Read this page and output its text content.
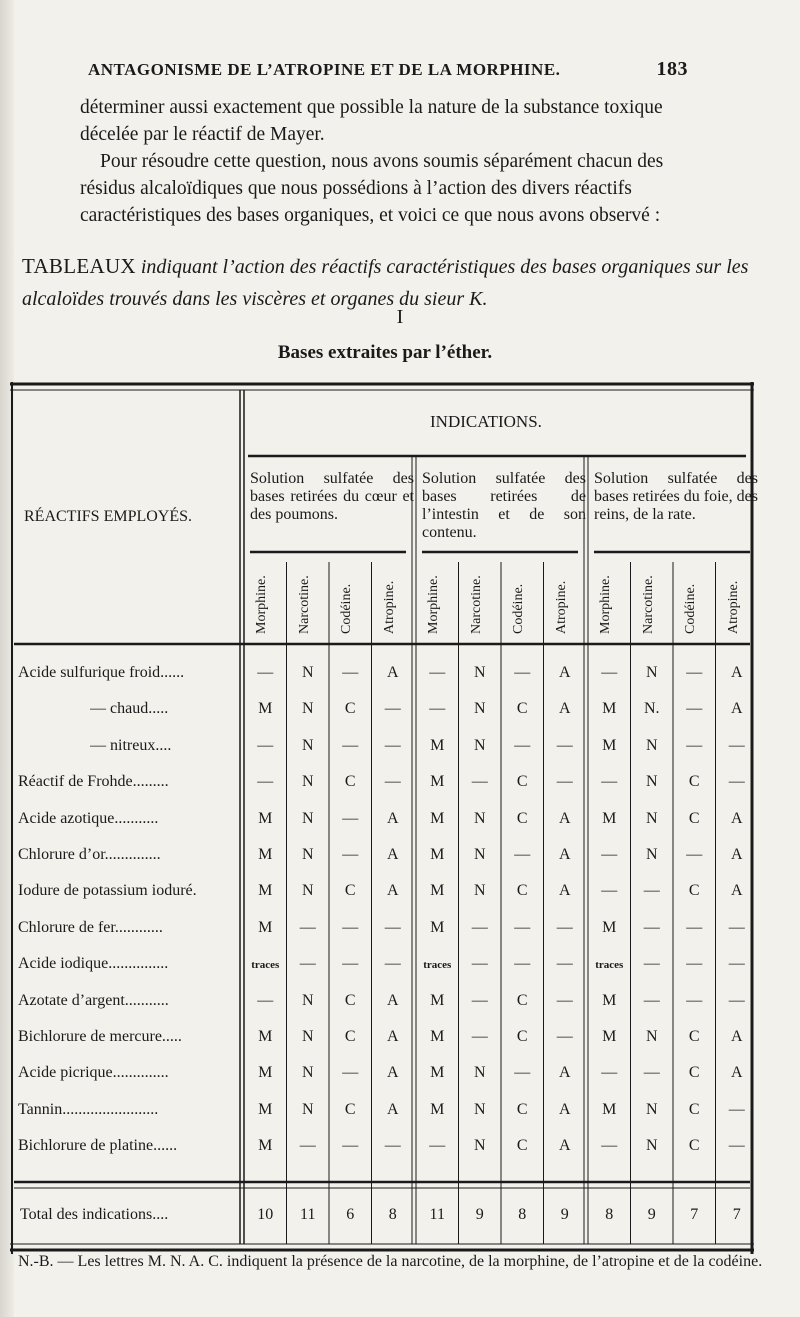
ANTAGONISME DE L’ATROPINE ET DE LA MORPHINE.	183
déterminer aussi exactement que possible la nature de la substance toxique décelée par le réactif de Mayer.
Pour résoudre cette question, nous avons soumis séparément chacun des résidus alcaloïdiques que nous possédions à l’action des divers réactifs caractéristiques des bases organiques, et voici ce que nous avons observé :
TABLEAUX indiquant l’action des réactifs caractéristiques des bases organiques sur les alcaloïdes trouvés dans les viscères et organes du sieur K.
I
Bases extraites par l’éther.
INDICATIONS.
RÉACTIFS EMPLOYÉS.
Solution sulfatée des bases retirées du cœur et des poumons.
Solution sulfatée des bases retirées de l’intestin et de son contenu.
Solution sulfatée des bases retirées du foie, des reins, de la rate.
Morphine. Narcotine. Codéine. Atropine. Morphine. Narcotine. Codéine. Atropine. Morphine. Narcotine. Codéine. Atropine.
Acide sulfurique froid......	—	N	—	A	—	N	—	A	—	N	—	A
— chaud.....	M	N	C	—	—	N	C	A	M	N.	—	A
— nitreux....	—	N	—	—	M	N	—	—	M	N	—	—
Réactif de Frohde.........	—	N	C	—	M	—	C	—	—	N	C	—
Acide azotique...........	M	N	—	A	M	N	C	A	M	N	C	A
Chlorure d’or..............	M	N	—	A	M	N	—	A	—	N	—	A
Iodure de potassium ioduré.	M	N	C	A	M	N	C	A	—	—	C	A
Chlorure de fer............	M	—	—	—	M	—	—	—	M	—	—	—
Acide iodique...............	traces	—	—	—	traces	—	—	—	traces	—	—	—
Azotate d’argent...........	—	N	C	A	M	—	C	—	M	—	—	—
Bichlorure de mercure.....	M	N	C	A	M	—	C	—	M	N	C	A
Acide picrique..............	M	N	—	A	M	N	—	A	—	—	C	A
Tannin........................	M	N	C	A	M	N	C	A	M	N	C	—
Bichlorure de platine......	M	—	—	—	—	N	C	A	—	N	C	—
Total des indications....	10	11	6	8	11	9	8	9	8	9	7	7
N.-B. — Les lettres M. N. A. C. indiquent la présence de la narcotine, de la morphine, de l’atropine et de la codéine.
